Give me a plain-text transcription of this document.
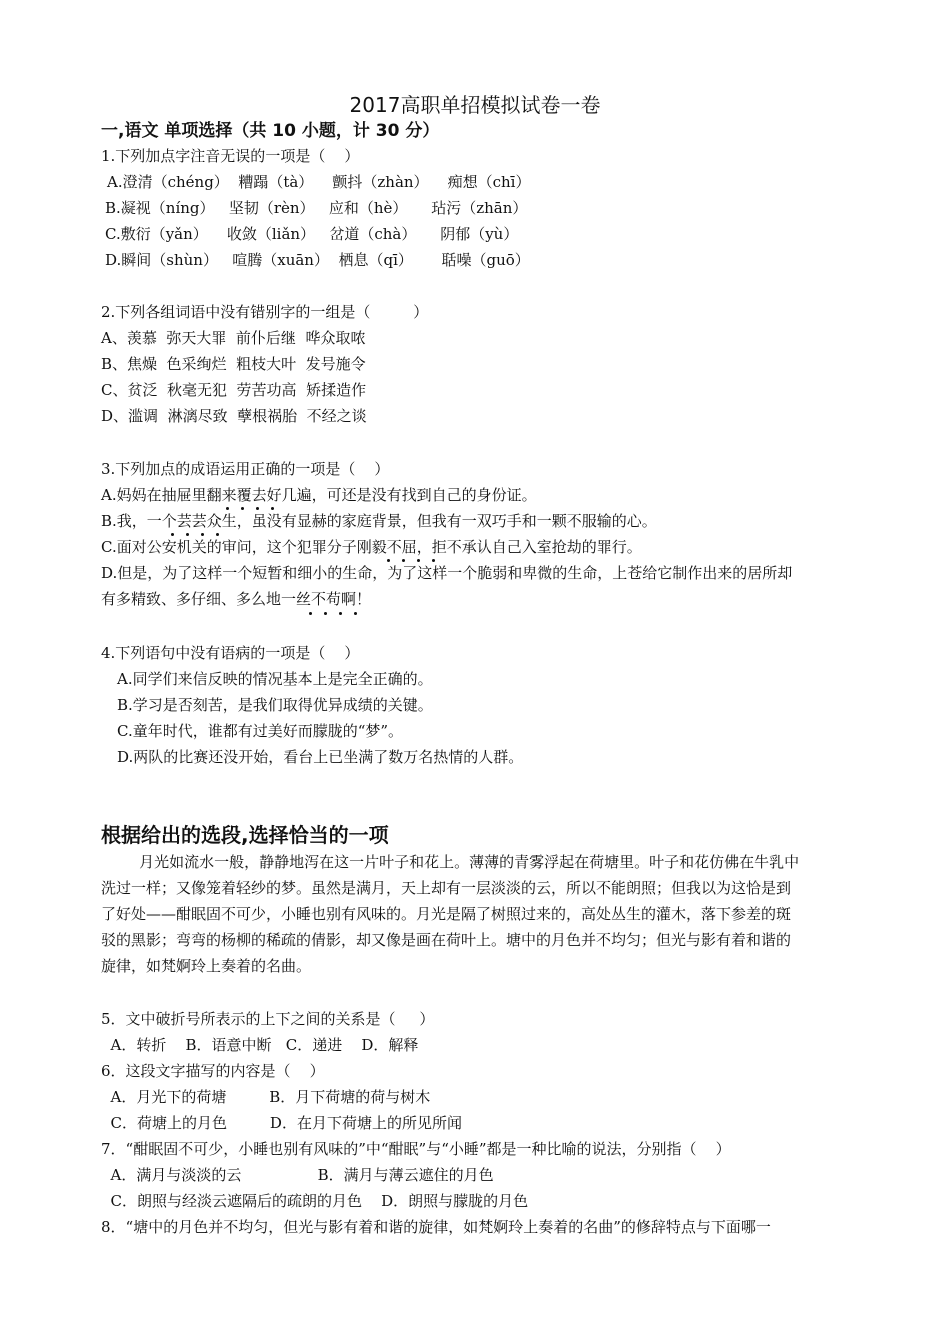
2017高职单招模拟试卷一卷
一,语文 单项选择（共 10 小题，计 30 分）
1.下列加点字注音无误的一项是（    ）
A.澄清（chéng）  糟蹋（tà）    颤抖（zhàn）    痴想（chī）
B.凝视（níng）   坚韧（rèn）   应和（hè）     玷污（zhān）
C.敷衍（yǎn）    收敛（liǎn）   岔道（chà）     阴郁（yù）
D.瞬间（shùn）   喧腾（xuān）  栖息（qī）      聒噪（guō）
2.下列各组词语中没有错别字的一组是（         ）
A、羡慕  弥天大罪  前仆后继  哗众取哝
B、焦燥  色采绚烂  粗枝大叶  发号施令
C、贫泛  秋毫无犯  劳苦功高  矫揉造作
D、滥调  淋漓尽致  孽根祸胎  不经之谈
3.下列加点的成语运用正确的一项是（    ）
A.妈妈在抽屉里翻来覆去好几遍，可还是没有找到自己的身份证。
B.我，一个芸芸众生，虽没有显赫的家庭背景，但我有一双巧手和一颗不服输的心。
C.面对公安机关的审问，这个犯罪分子刚毅不屈，拒不承认自己入室抢劫的罪行。
D.但是，为了这样一个短暂和细小的生命，为了这样一个脆弱和卑微的生命，上苍给它制作出来的居所却
有多精致、多仔细、多么地一丝不苟啊！
4.下列语句中没有语病的一项是（    ）
A.同学们来信反映的情况基本上是完全正确的。
B.学习是否刻苦，是我们取得优异成绩的关键。
C.童年时代，谁都有过美好而朦胧的“梦”。
D.两队的比赛还没开始，看台上已坐满了数万名热情的人群。
根据给出的选段,选择恰当的一项
月光如流水一般，静静地泻在这一片叶子和花上。薄薄的青雾浮起在荷塘里。叶子和花仿佛在牛乳中
洗过一样；又像笼着轻纱的梦。虽然是满月，天上却有一层淡淡的云，所以不能朗照；但我以为这恰是到
了好处——酣眠固不可少，小睡也别有风味的。月光是隔了树照过来的，高处丛生的灌木，落下参差的斑
驳的黑影；弯弯的杨柳的稀疏的倩影，却又像是画在荷叶上。塘中的月色并不均匀；但光与影有着和谐的
旋律，如梵婀玲上奏着的名曲。
5．文中破折号所表示的上下之间的关系是（     ）
A．转折    B．语意中断   C．递进    D．解释
6．这段文字描写的内容是（    ）
A．月光下的荷塘         B．月下荷塘的荷与树木
C．荷塘上的月色         D．在月下荷塘上的所见所闻
7．“酣眠固不可少，小睡也别有风味的”中“酣眠”与“小睡”都是一种比喻的说法，分别指（    ）
A．满月与淡淡的云                B．满月与薄云遮住的月色
C．朗照与经淡云遮隔后的疏朗的月色    D．朗照与朦胧的月色
8．“塘中的月色并不均匀，但光与影有着和谐的旋律，如梵婀玲上奏着的名曲”的修辞特点与下面哪一
